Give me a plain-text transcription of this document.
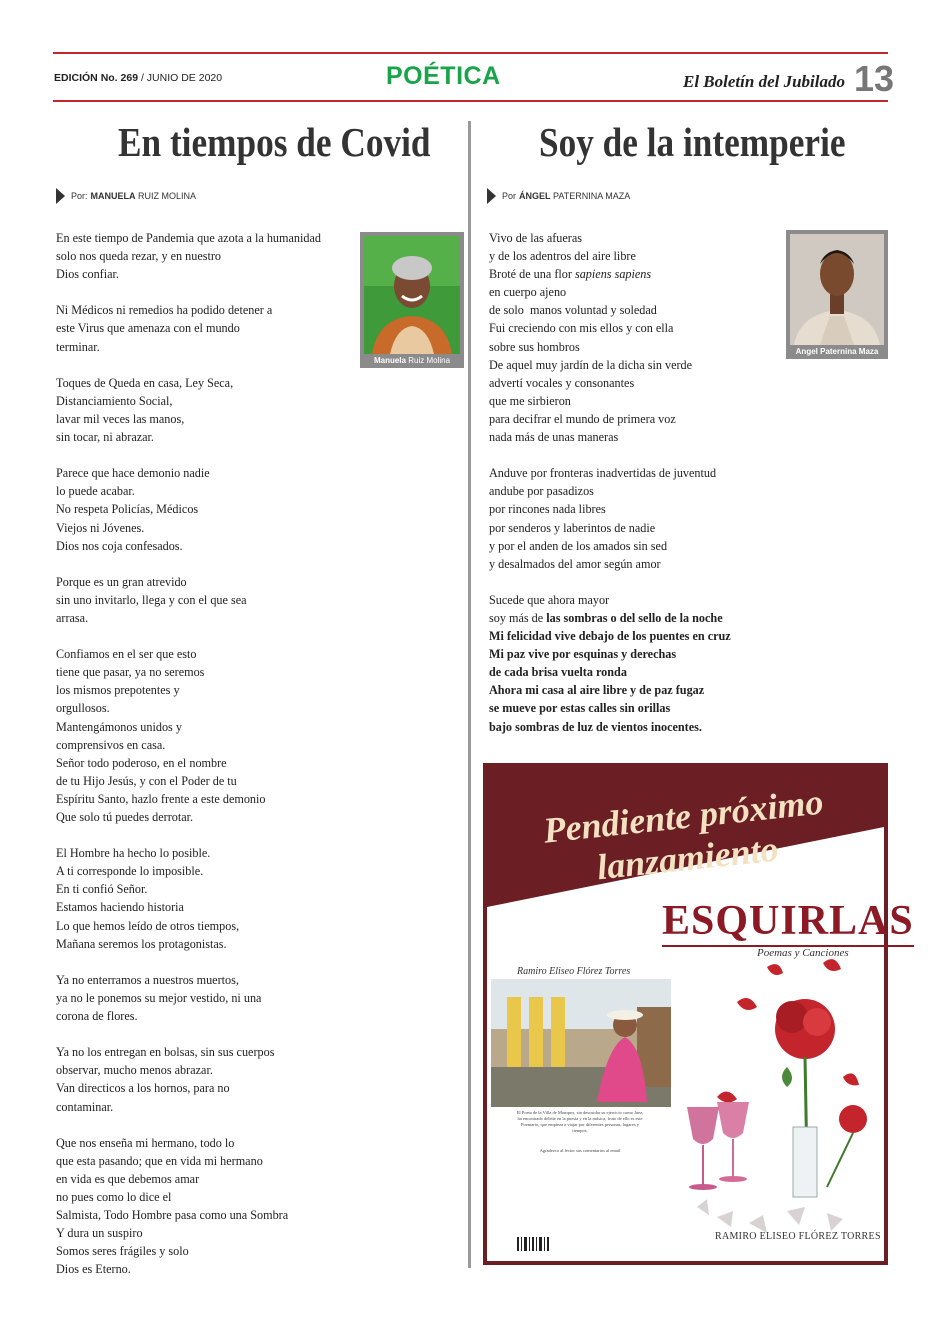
EDICIÓN No. 269 / JUNIO DE 2020	POÉTICA	El Boletín del Jubilado 13
En tiempos de Covid
Por: MANUELA
RUIZ MOLINA
Manuela Ruiz Molina
En este tiempo de Pandemia que azota a la humanidad
solo nos queda rezar, y en nuestro
Dios confiar.
Ni Médicos ni remedios ha podido detener a
este Virus que amenaza con el mundo
terminar.
Toques de Queda en casa, Ley Seca,
Distanciamiento Social,
lavar mil veces las manos,
sin tocar, ni abrazar.
Parece que hace demonio nadie
lo puede acabar.
No respeta Policías, Médicos
Viejos ni Jóvenes.
Dios nos coja confesados.
Porque es un gran atrevido
sin uno invitarlo, llega y con el que sea
arrasa.
Confiamos en el ser que esto
tiene que pasar, ya no seremos
los mismos prepotentes y
orgullosos.
Mantengámonos unidos y
comprensivos en casa.
Señor todo poderoso, en el nombre
de tu Hijo Jesús, y con el Poder de tu
Espíritu Santo, hazlo frente a este demonio
Que solo tú puedes derrotar.
El Hombre ha hecho lo posible.
A ti corresponde lo imposible.
En ti confió Señor.
Estamos haciendo historia
Lo que hemos leído de otros tiempos,
Mañana seremos los protagonistas.
Ya no enterramos a nuestros muertos,
ya no le ponemos su mejor vestido, ni una
corona de flores.
Ya no los entregan en bolsas, sin sus cuerpos
observar, mucho menos abrazar.
Van directicos a los hornos, para no
contaminar.
Que nos enseña mi hermano, todo lo
que esta pasando; que en vida mi hermano
en vida es que debemos amar
no pues como lo dice el
Salmista, Todo Hombre pasa como una Sombra
Y dura un suspiro
Somos seres frágiles y solo
Dios es Eterno.
Soy de la intemperie
Por ÁNGEL
PATERNINA MAZA
Angel Paternina Maza
Vivo de las afueras
y de los adentros del aire libre
Broté de una flor sapiens sapiens
en cuerpo ajeno
de solo  manos voluntad y soledad
Fui creciendo con mis ellos y con ella
sobre sus hombros
De aquel muy jardín de la dicha sin verde
advertí vocales y consonantes
que me sirbieron
para decifrar el mundo de primera voz
nada más de unas maneras
Anduve por fronteras inadvertidas de juventud
andube por pasadizos
por rincones nada libres
por senderos y laberintos de nadie
y por el anden de los amados sin sed
y desalmados del amor según amor
Sucede que ahora mayor
soy más de las sombras o del sello de la noche
Mi felicidad vive debajo de los puentes en cruz
Mi paz vive por esquinas y derechas
de cada brisa vuelta ronda
Ahora mi casa al aire libre y de paz fugaz
se mueve por estas calles sin orillas
bajo sombras de luz de vientos inocentes.
Pendiente próximo lanzamiento
ESQUIRLAS
Poemas y Canciones
Ramiro Eliseo Flórez Torres
El Poeta de la Villa de Mompox, sin descuidar su ejercicio como Juez, ha encontrado deleite en la poesía y en la música, fruto de ello es este Poemario, que empieza a viajar por diferentes personas, lugares y tiempos.
Agradezco al lector sus comentarios al email
RAMIRO ELISEO FLÓREZ TORRES
